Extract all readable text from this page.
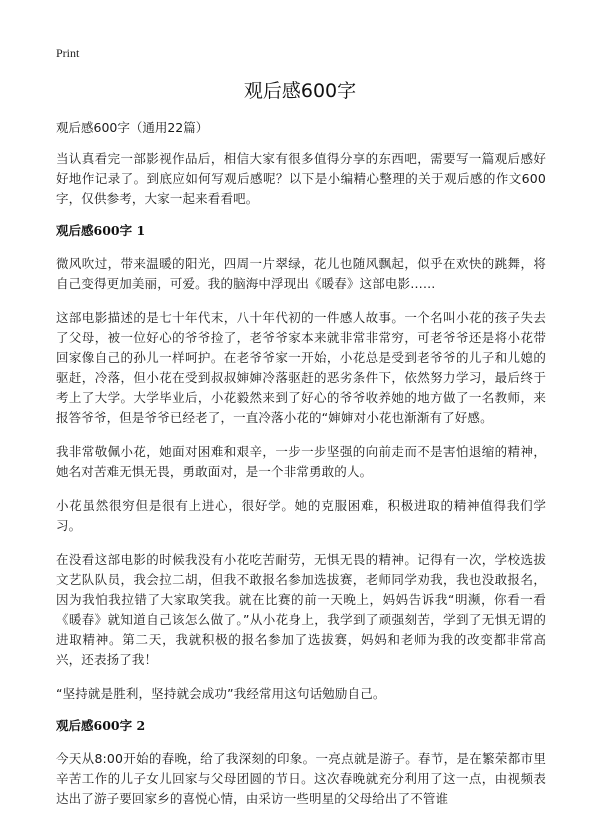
Print
观后感600字
观后感600字（通用22篇）

当认真看完一部影视作品后，相信大家有很多值得分享的东西吧，需要写一篇观后感好好地作记录了。到底应如何写观后感呢？以下是小编精心整理的关于观后感的作文600字，仅供参考，大家一起来看看吧。

观后感600字 1

微风吹过，带来温暖的阳光，四周一片翠绿，花儿也随风飘起，似乎在欢快的跳舞，将自己变得更加美丽，可爱。我的脑海中浮现出《暖春》这部电影……

这部电影描述的是七十年代末，八十年代初的一件感人故事。一个名叫小花的孩子失去了父母，被一位好心的爷爷捡了，老爷爷家本来就非常非常穷，可老爷爷还是将小花带回家像自己的孙儿一样呵护。在老爷爷家一开始，小花总是受到老爷爷的儿子和儿媳的驱赶，冷落，但小花在受到叔叔婶婶冷落驱赶的恶劣条件下，依然努力学习，最后终于考上了大学。大学毕业后，小花毅然来到了好心的爷爷收养她的地方做了一名教师，来报答爷爷，但是爷爷已经老了，一直冷落小花的“婶婶对小花也渐渐有了好感。

我非常敬佩小花，她面对困难和艰辛，一步一步坚强的向前走而不是害怕退缩的精神，她名对苦难无惧无畏，勇敢面对，是一个非常勇敢的人。

小花虽然很穷但是很有上进心，很好学。她的克服困难，积极进取的精神值得我们学习。

在没看这部电影的时候我没有小花吃苦耐劳，无惧无畏的精神。记得有一次，学校选拔文艺队队员，我会拉二胡，但我不敢报名参加选拔赛，老师同学劝我，我也没敢报名，因为我怕我拉错了大家取笑我。就在比赛的前一天晚上，妈妈告诉我“明濒，你看一看《暖春》就知道自己该怎么做了。”从小花身上，我学到了顽强刻苦，学到了无惧无谓的进取精神。第二天，我就积极的报名参加了选拔赛，妈妈和老师为我的改变都非常高兴，还表扬了我！

“坚持就是胜利，坚持就会成功”我经常用这句话勉励自己。

观后感600字 2

今天从8:00开始的春晚，给了我深刻的印象。一亮点就是游子。春节，是在繁荣都市里辛苦工作的儿子女儿回家与父母团圆的节日。这次春晚就充分利用了这一点，由视频表达出了游子要回家乡的喜悦心情，由采访一些明星的父母给出了不管谁
